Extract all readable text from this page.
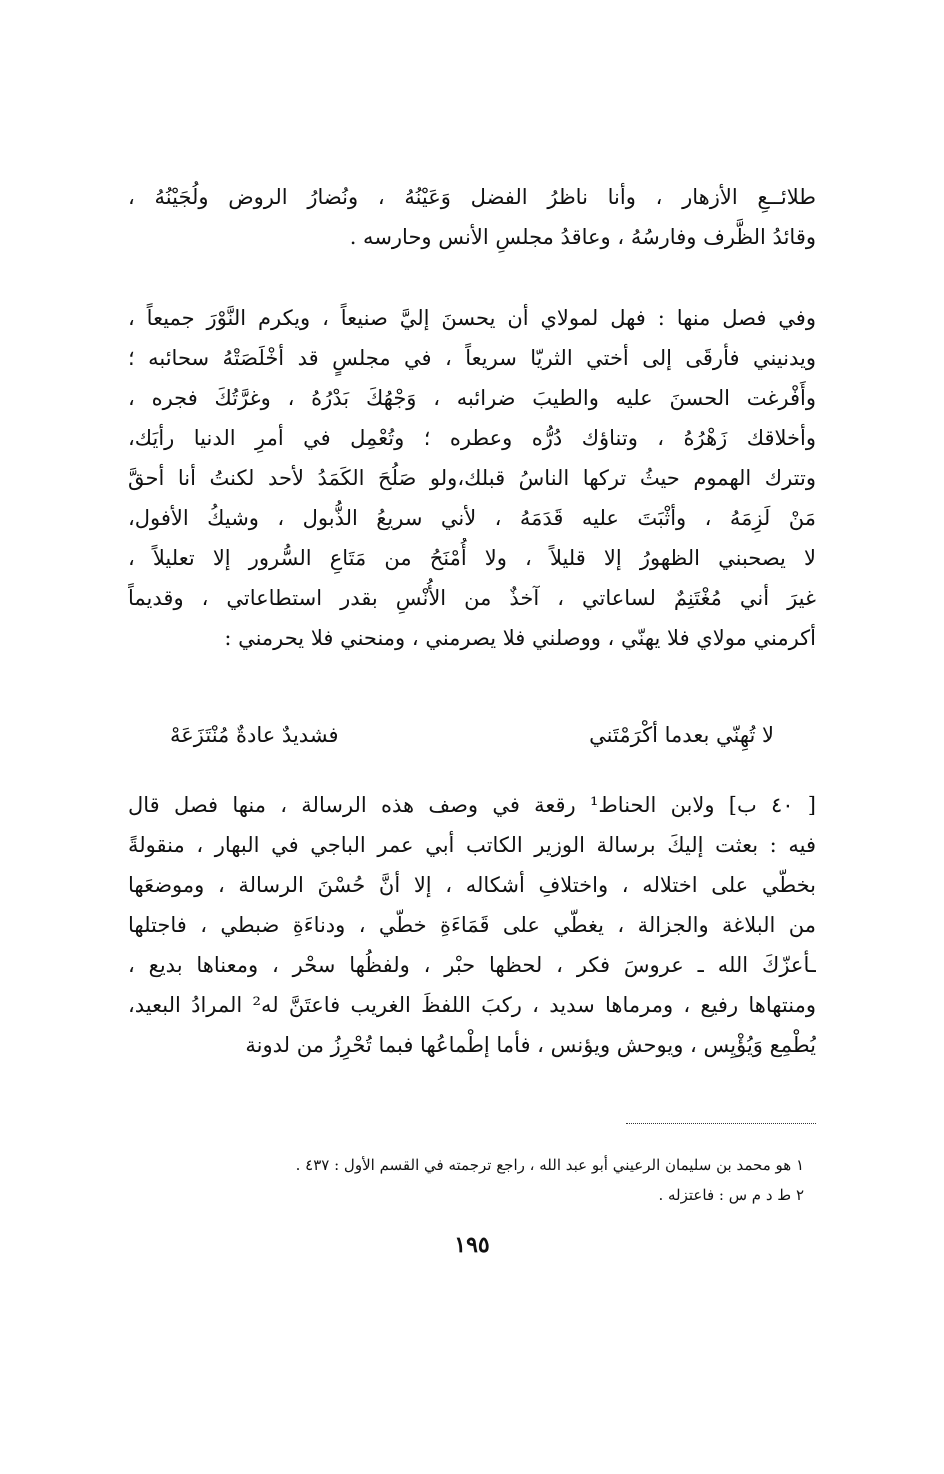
طلائــعِ الأزهار ، وأنا ناظرُ الفضل وَعَيْنُهُ ، ونُضارُ الروض ولُجَيْنُهُ ،
وقائدُ الظَّرف وفارسُهُ ، وعاقدُ مجلسِ الأنس وحارسه .
وفي فصل منها : فهل لمولاي أن يحسنَ إليَّ صنيعاً ، ويكرم النَّوْرَ جميعاً ،
ويدنيني فأرقَى إلى أختي الثريّا سريعاً ، في مجلسٍ قد أخْلَصَتْهُ سحائبه ؛
وأَفْرغت الحسنَ عليه والطيبَ ضرائبه ، وَجْهُكَ بَدْرُهُ ، وغرَّتُكَ فجره ،
وأخلاقك زَهْرُهُ ، وتناؤك دُرُّه وعطره ؛ وتُعْمِل في أمرِ الدنيا رأيَك،
وتترك الهموم حيثُ تركها الناسُ قبلك،ولو صَلُحَ الكَمَدُ لأحد لكنتُ أنا أحقَّ
مَنْ لَزِمَهُ ، وأثْبَتَ عليه قَدَمَهُ ، لأني سريعُ الذُّبول ، وشيكُ الأفول،
لا يصحبني الظهورُ إلا قليلاً ، ولا أُمْنَحُ من مَتَاعِ السُّرور إلا تعليلاً ،
غيرَ أني مُغْتَنِمٌ لساعاتي ، آخذٌ من الأُنْسِ بقدر استطاعاتي ، وقديماً
أكرمني مولاي فلا يهنّي ، ووصلني فلا يصرمني ، ومنحني فلا يحرمني :
لا تُهِنّي بعدما أكْرَمْتَني
فشديدٌ عادةٌ مُنْتَزَعَهْ
[ ٤٠ ب] ولابن الحناط¹ رقعة في وصف هذه الرسالة ، منها فصل قال
فيه : بعثت إليكَ برسالة الوزير الكاتب أبي عمر الباجي في البهار ، منقولةً
بخطّي على اختلاله ، واختلافِ أشكاله ، إلا أنَّ حُسْنَ الرسالة ، وموضعَها
من البلاغة والجزالة ، يغطّي على قَمَاءَةِ خطّي ، ودناءَةِ ضبطي ، فاجتلها
ـأعزّكَ الله ـ عروسَ فكر ، لحظها حبْر ، ولفظُها سحْر ، ومعناها بديع ،
ومنتهاها رفيع ، ومرماها سديد ، ركبَ اللفظَ الغريب فاعتَنَّ له² المرادُ البعيد،
يُطْمِع وَيُؤْيِس ، ويوحش ويؤنس ، فأما إطْماعُها فبما تُحْرِزُ من لدونة
١ هو محمد بن سليمان الرعيني أبو عبد الله ، راجع ترجمته في القسم الأول : ٤٣٧ .
٢ ط د م س : فاعتزله .
١٩٥
